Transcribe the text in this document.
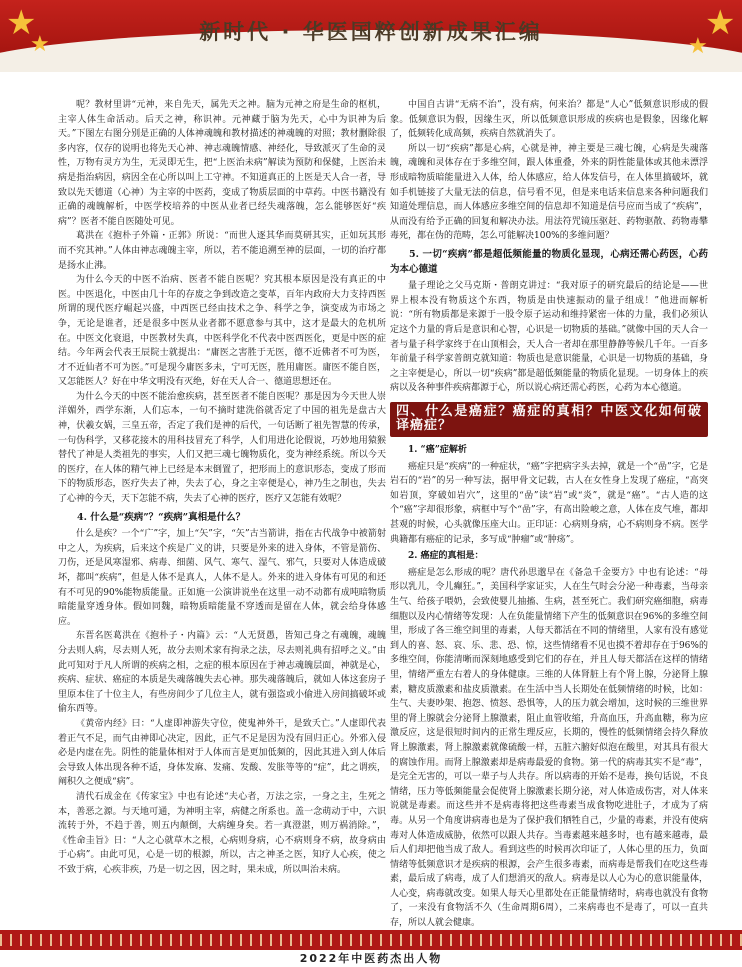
★
★
★
★
新时代 · 华医国粹创新成果汇编

呢？教材里讲“元神，来自先天，属先天之神。脑为元神之府是生命的枢机，主宰人体生命活动。后天之神，称识神。元神藏于脑为先天，心中为识神为后天。”下图左右图分别是正确的人体神魂魄和教材描述的神魂魄的对照；教材删除很多内容，仅存的说明也将先天心神、神志魂魄情感、神经化，导致派灭了生命的灵性，万物有灵方为生，无灵即无生，把“上医治未病”解读为预防和保健，上医治未病是指治病因，病因全在心所以叫上工守神。不知道真正的上医是天人合一者，导致以先天德道（心神）为主宰的中医药，变成了物质层面的中草药。中医书籍没有正确的魂魄解析，中医学校培养的中医从业者已经失魂落魄，怎么能够医好“疾病”？医者不能自医随处可见。

葛洪在《抱朴子外篇・正郭》所说：“而世人逐其华而莫研其实，正如玩其形而不究其神。”人体由神志魂魄主宰，所以，若不能追溯至神的层面，一切的治疗都是扬水止沸。

为什么今天的中医不治病、医者不能自医呢？究其根本原因是没有真正的中医。中医退化，中医由几十年的存废之争到改造之变革，百年内政府大力支持西医所谓的现代医疗崛起兴盛，中西医已经由技术之争、科学之争，演变成为市场之争，无论是谁者，还是很多中医从业者都不愿意参与其中，这才是最大的危机所在。中医文化衰退，中医教材失真，中医科学化不代表中医西医化，更是中医的症结。今年两会代表王辰院士就提出：“庸医之害胜于无医，德不近佛者不可为医，才不近仙者不可为医。”可是现今庸医多未，宁可无医，胜用庸医。庸医不能自医，又怎能医人？好在中华文明没有灭绝，好在天人合一、德道思想还在。

为什么今天的中医不能治愈疾病，甚至医者不能自医呢？那是因为今天世人崇洋媚外，西学东渐，人们忘本，一句不摘时建洗俗就否定了中国的祖先是盘古大神，伏羲女娲，三皇五帝，否定了我们是神的后代，一句话断了祖先智慧的传承，一句伪科学，又移花接木的用科技冒充了科学，人们用进化论假说，巧妙地用猿猴替代了神是人类祖先的事实，人们又把三魂七魄物质化，变为神经系统。所以今天的医疗，在人体的精气神上已经是本末倒置了，把形而上的意识形态，变成了形而下的物质形态，医疗失去了神，失去了心，身之主宰便是心，神乃生之制也，失去了心神的今天，天下怎能不病，失去了心神的医疗，医疗又怎能有效呢？

4. 什么是“疾病”？“疾病”真相是什么？

什么是疾？一个“广”字，加上“矢”字，“矢”古当箭讲，指在古代战争中被箭射中之人，为疾病，后来这个疾是广义的讲，只要是外来的进入身体，不管是箭伤、刀伤，还是风寒湿邪、病毒、细菌、风气、寒气、湿气、邪气，只要对人体造成破坏，都叫“疾病”，但是人体不是真人，人体不是人。外来的进入身体有可见的和还有不可见的90%能物质能量。正如施一公演讲说坐在这里一动不动都有成吨暗物质暗能量穿透身体。假如同魏，暗物质暗能量不穿透而是留在人体，就会给身体感应。

东晋名医葛洪在《抱朴子・内篇》云：“人无贤愚，皆知己身之有魂魄，魂魄分去则人病，尽去则人死，故分去则术家有拘录之法，尽去则礼典有招呼之义。”由此可知对于凡人所谓的疾病之相，之症的根本原因在于神志魂魄层面，神就是心，疾病、症状、癌症的本质是失魂落魄失去心神。那失魂落魄后，就如人体这套房子里原本住了十位主人，有些房间少了几位主人，就有强盗或小偷进入房间搞破坏或偷东西等。

《黄帝内经》曰：“人虚即神游失守位，使鬼神外干，是致夭亡。”人虚即代表着正气不足，而气由神即心决定，因此，正气不足是因为没有回归正心。外邪入侵必是内虚在先。阴性的能量体相对于人体而言是更加低频的，因此其进入到人体后会导致人体出现各种不适，身体发麻、发痛、发酸、发胀等等的“症”，此之谓疾，阐积久之便成“病”。

清代石成金在《传家宝》中也有论述“夫心者，万法之宗，一身之主，生死之本，善恶之源。与天地可通，为神明主宰，病健之所系也。盖一念萌动于中，六识流转于外，不趋于善，则五内颠倒，大病缠身矣。若一真澄湛，则万祸消除。”，《性命圭旨》日：“人之心就草木之根，心病则身病，心不病则身不病，故身病由于心病”。由此可见，心是一切的根源，所以，古之神圣之医，知疗人心疾，使之不致于病，心疾非疾，乃是一切之因，因之时，果未成，所以叫治未病。

中国自古讲“无病不治”，没有病，何来治？都是“人心”低频意识形成的假象。低频意识为假，因缘生灭，所以低频意识形成的疾病也是假象，因缘化解了，低频转化成高频，疾病自然就消失了。

所以一切“疾病”都是心病，心就是神，神主要是三魂七魄，心病是失魂落魄，魂魄和灵体存在于多维空间，跟人体重叠，外来的阴性能量体或其他未漂浮形成暗物质暗能量进入人体，给人体感应，给人体发信号，在人体里搞破坏，就如手机链接了大量无法的信息，信号看不见，但是来电话来信息来各种问题我们知道处理信息，而人体感应多维空间的信息却不知道是信号应而当成了“疾病”，从而没有给予正确的回复和解决办法。用法符咒镜压驱赶、药物驱散、药物毒攀毒死，都在伪的范畴，怎么可能解决100%的多维问题？

5. 一切“疾病”都是超低频能量的物质化显现，心病还需心药医，心药为本心德道

量子理论之父马克斯・普朗克讲过：“我对原子的研究最后的结论是——世界上根本没有物质这个东西，物质是由快速振动的量子组成！”他进而解析说：“所有物质都是来源于一股令原子运动和维持紧密一体的力量，我们必须认定这个力量的背后是意识和心智，心识是一切物质的基础。”就像中国的天人合一者与量子科学家终于在山顶相会，天人合一者却在那里静静等候几千年。一百多年前量子科学家普朗克就知道：物质也是意识能量，心识是一切物质的基础，身之主宰便是心，所以一切“疾病”都是超低频能量的物质化显现。一切身体上的疾病以及各种事件疾病都源于心，所以说心病还需心药医，心药为本心德道。

四、什么是癌症？癌症的真相？中医文化如何破译癌症？

1. “癌”症解析

癌症只是“疾病”的一种症状，“癌”字把病字头去掉，就是一个“嵒”字，它是岩石的“岩”的另一种写法，据甲骨文记载，古人在女性身上发现了癌症，“高突如岩顶，穿破如岩穴”，这里的“嵒”读“岩”或“炎”，就是“癌”。“古人造的这个“癌”字却很形象，病框中写个“嵒”字，有高出险峻之意，人体在皮气堆，都却甚观的时候，心头就像压座大山。正印证：心病则身病，心不病则身不病。医学典籍都有癌症的记录，多写成“肿瘤”或“肿疡”。

2. 癌症的真相是：

癌症是怎么形成的呢？唐代孙思邈早在《备急千金要方》中也有论述：“母形以乳儿，令儿癫狂。”，美国科学家证实，人在生气时会分泌一种毒素，当母亲生气、给孩子喂奶，会致使婴儿抽搐、生病，甚至死亡。我们研究癌细胞，病毒细胞以及内心情绪等发现：人在负能量情绪下产生的低频意识在96%的多维空间里，形成了各三维空间里的毒素，人每天都活在不同的情绪里，人家有没有感觉到人的喜、怒、哀、乐、悲、恐、惊，这些情绪看不见也摸不着却存在于96%的多维空间，你能清晰而深刻地感受到它们的存在，并且人每天都活在这样的情绪里，情绪严重左右着人的身体健康。三维的人体肾脏上有个肾上腺，分泌肾上腺素，糖皮质激素和盐皮质激素。在生活中当人长期处在低频情绪的时候，比如：生气、夫妻吵架、抱怨、愤怒、恐惧等，人的压力就会增加，这时候的三维世界里的肾上腺就会分泌肾上腺激素，阻止血管收缩，升高血压，升高血糖，称为应激反应，这是很短时间内的正常生理反应，长期的，慢性的低频情绪会持久释放肾上腺激素，肾上腺激素就像硫酸一样，五脏六腑好似泡在酸里，对其具有很大的腐蚀作用。而肾上腺激素却是病毒最爱的食物。第一代的病毒其实不是“毒”，是完全无害的，可以一辈子与人共存。所以病毒的开始不是毒，换句话说，不良情绪，压力等低频能量会促使肾上腺激素长期分泌，对人体造成伤害，对人体来说就是毒素。而这些并不是病毒将把这些毒素当成食物吃进肚子，才成为了病毒。从另一个角度讲病毒也是为了保护我们牺牲自己，少量的毒素，并没有使病毒对人体造成威胁，依然可以跟人共存。当毒素越来越多时，也有越来越毒，最后人们却把他当成了敌人。看到这些的时候再次印证了，人体心里的压力，负面情绪等低频意识才是疾病的根源，会产生很多毒素，而病毒是帮我们在吃这些毒素，最后成了病毒，成了人们想消灭的敌人。病毒是以人心为心的意识能量体，人心变，病毒就改变。如果人每天心里都处在正能量情绪时，病毒也就没有食物了，一来没有食物活不久（生命周期6周），二来病毒也不是毒了，可以一直共存，所以人就会健康。

2022年中医药杰出人物
